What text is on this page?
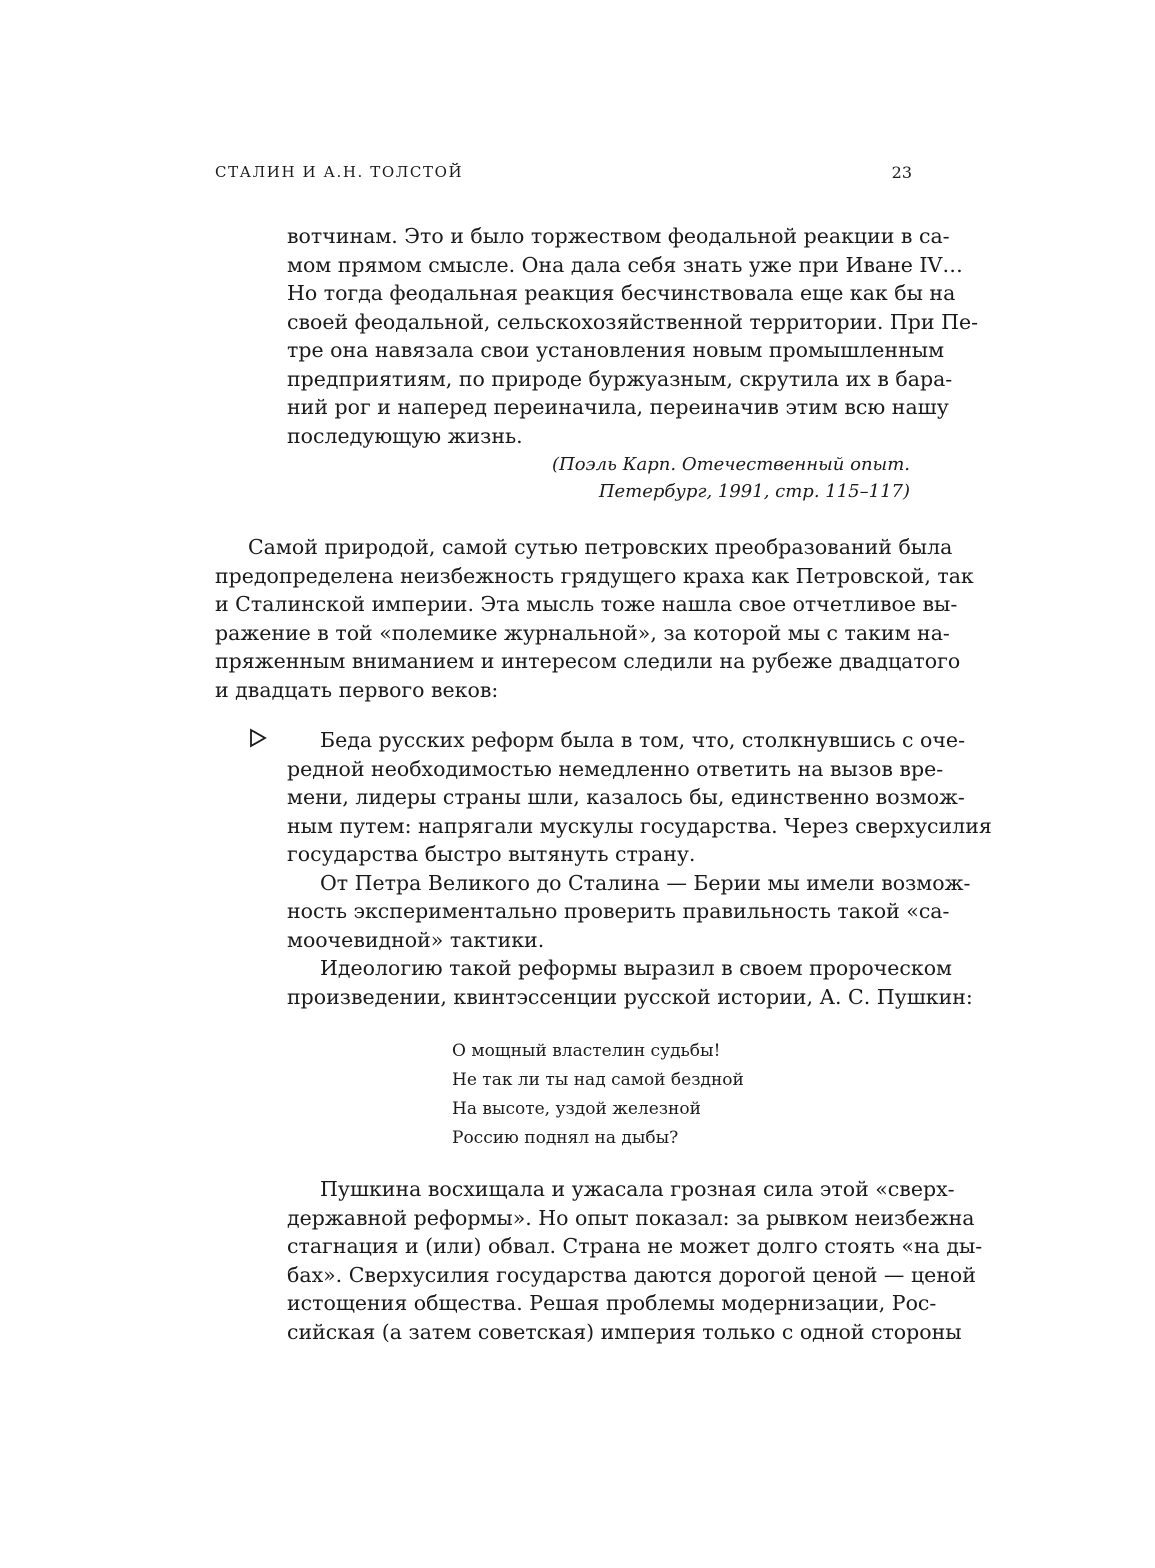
СТАЛИН И А.Н. ТОЛСТОЙ	23
вотчинам. Это и было торжеством феодальной реакции в са-
мом прямом смысле. Она дала себя знать уже при Иване IV…
Но тогда феодальная реакция бесчинствовала еще как бы на
своей феодальной, сельскохозяйственной территории. При Пе-
тре она навязала свои установления новым промышленным
предприятиям, по природе буржуазным, скрутила их в бара-
ний рог и наперед переиначила, переиначив этим всю нашу
последующую жизнь.
(Поэль Карп. Отечественный опыт.
Петербург, 1991, стр. 115–117)
Самой природой, самой сутью петровских преобразований была
предопределена неизбежность грядущего краха как Петровской, так
и Сталинской империи. Эта мысль тоже нашла свое отчетливое вы-
ражение в той «полемике журнальной», за которой мы с таким на-
пряженным вниманием и интересом следили на рубеже двадцатого
и двадцать первого веков:
Беда русских реформ была в том, что, столкнувшись с оче-
редной необходимостью немедленно ответить на вызов вре-
мени, лидеры страны шли, казалось бы, единственно возмож-
ным путем: напрягали мускулы государства. Через сверхусилия
государства быстро вытянуть страну.
От Петра Великого до Сталина — Берии мы имели возмож-
ность экспериментально проверить правильность такой «са-
моочевидной» тактики.
Идеологию такой реформы выразил в своем пророческом
произведении, квинтэссенции русской истории, А. С. Пушкин:
О мощный властелин судьбы!
Не так ли ты над самой бездной
На высоте, уздой железной
Россию поднял на дыбы?
Пушкина восхищала и ужасала грозная сила этой «сверх-
державной реформы». Но опыт показал: за рывком неизбежна
стагнация и (или) обвал. Страна не может долго стоять «на ды-
бах». Сверхусилия государства даются дорогой ценой — ценой
истощения общества. Решая проблемы модернизации, Рос-
сийская (а затем советская) империя только с одной стороны
